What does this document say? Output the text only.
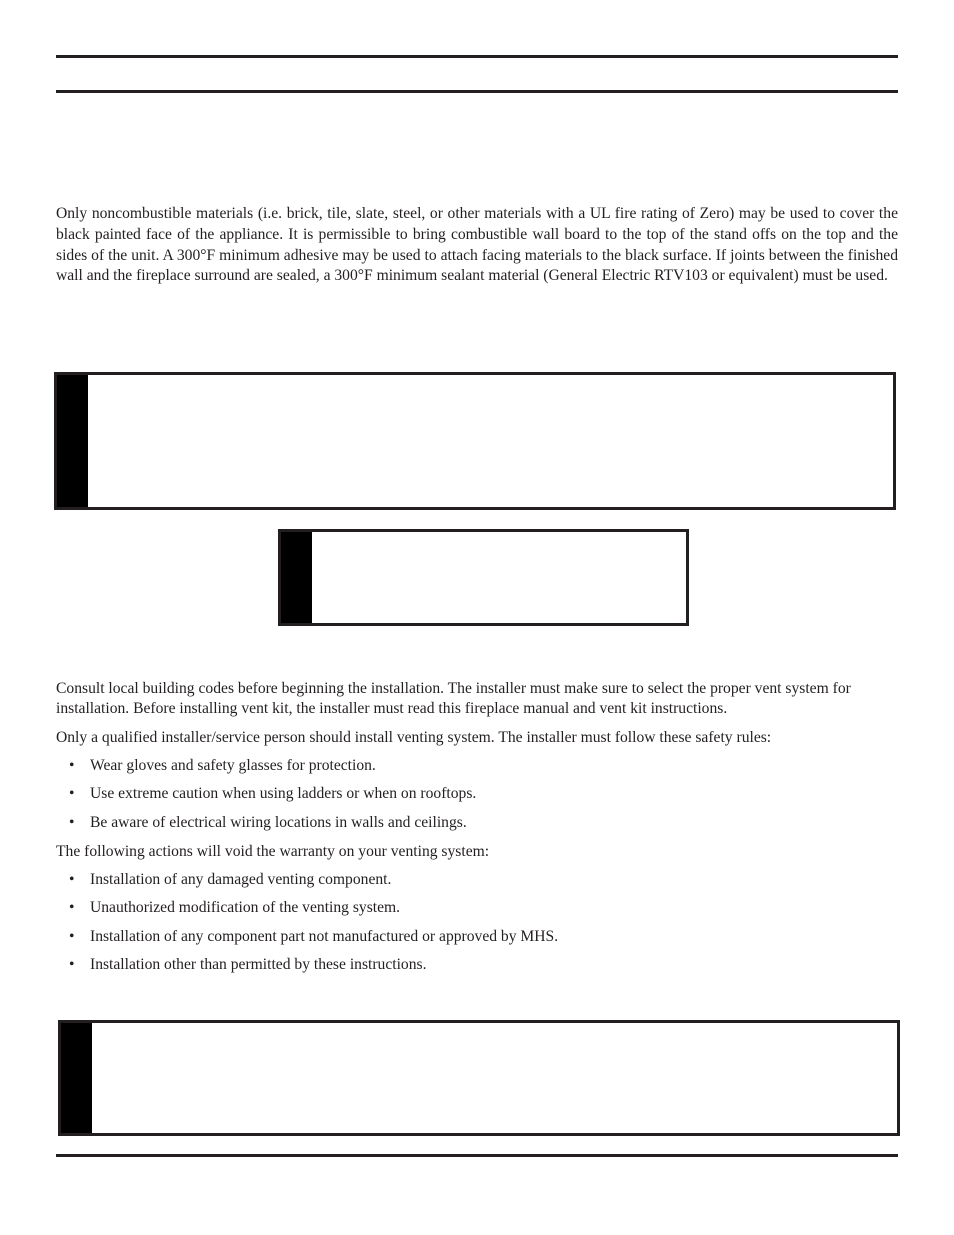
Only noncombustible materials (i.e. brick, tile, slate, steel, or other materials with a UL fire rating of Zero) may be used to cover the black painted face of the appliance. It is permissible to bring combustible wall board to the top of the stand offs on the top and the sides of the unit. A 300°F minimum adhesive may be used to attach facing materials to the black surface. If joints between the finished wall and the fireplace surround are sealed, a 300°F minimum sealant material (General Electric RTV103 or equivalent) must be used.

Consult local building codes before beginning the installation. The installer must make sure to select the proper vent system for installation. Before installing vent kit, the installer must read this fireplace manual and vent kit instructions.

Only a qualified installer/service person should install venting system. The installer must follow these safety rules:

• Wear gloves and safety glasses for protection.
• Use extreme caution when using ladders or when on rooftops.
• Be aware of electrical wiring locations in walls and ceilings.

The following actions will void the warranty on your venting system:

• Installation of any damaged venting component.
• Unauthorized modification of the venting system.
• Installation of any component part not manufactured or approved by MHS.
• Installation other than permitted by these instructions.
